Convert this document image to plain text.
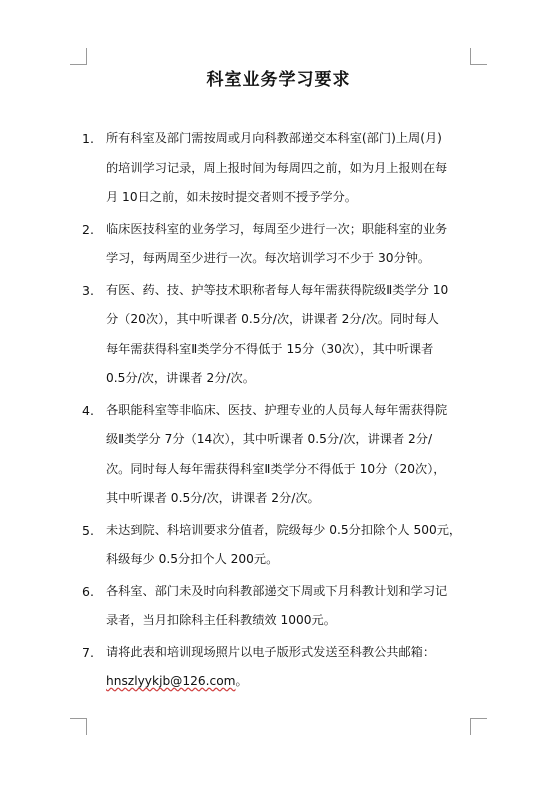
科室业务学习要求
1. 所有科室及部门需按周或月向科教部递交本科室(部门)上周(月)
的培训学习记录，周上报时间为每周四之前，如为月上报则在每
月 10日之前，如未按时提交者则不授予学分。
2. 临床医技科室的业务学习，每周至少进行一次；职能科室的业务
学习，每两周至少进行一次。每次培训学习不少于 30分钟。
3. 有医、药、技、护等技术职称者每人每年需获得院级Ⅱ类学分 10
分（20次），其中听课者 0.5分/次，讲课者 2分/次。同时每人
每年需获得科室Ⅱ类学分不得低于 15分（30次），其中听课者
0.5分/次，讲课者 2分/次。
4. 各职能科室等非临床、医技、护理专业的人员每人每年需获得院
级Ⅱ类学分 7分（14次），其中听课者 0.5分/次，讲课者 2分/
次。同时每人每年需获得科室Ⅱ类学分不得低于 10分（20次），
其中听课者 0.5分/次，讲课者 2分/次。
5. 未达到院、科培训要求分值者，院级每少 0.5分扣除个人 500元，
科级每少 0.5分扣个人 200元。
6. 各科室、部门未及时向科教部递交下周或下月科教计划和学习记
录者，当月扣除科主任科教绩效 1000元。
7. 请将此表和培训现场照片以电子版形式发送至科教公共邮箱：
hnszlyykjb@126.com。
